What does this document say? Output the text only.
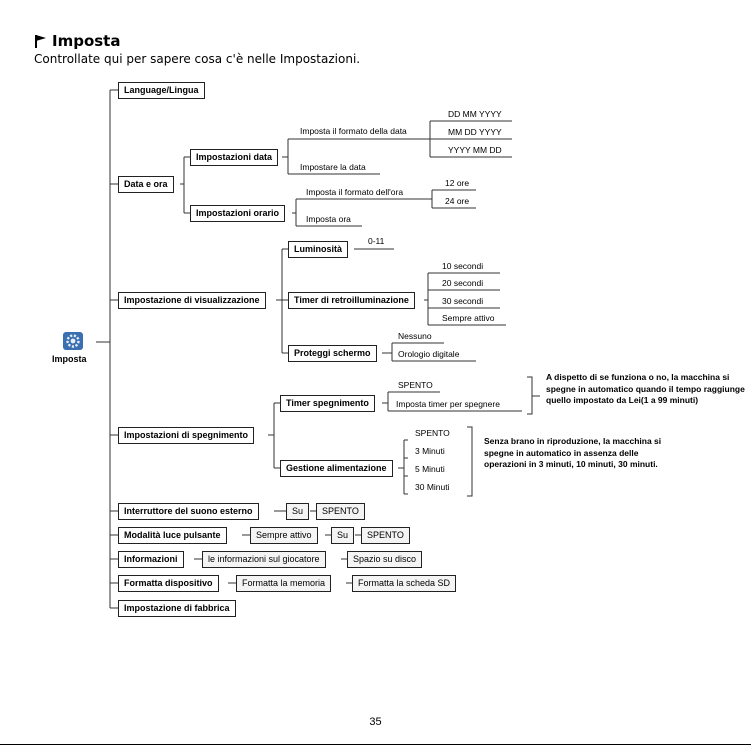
Imposta
Controllate qui per sapere cosa c'è nelle Impostazioni.
Imposta
Language/Lingua
Data e ora
Impostazione di visualizzazione
Impostazioni di spegnimento
Interruttore del suono esterno
Modalità luce pulsante
Informazioni
Formatta dispositivo
Impostazione di fabbrica
Impostazioni data
Impostazioni orario
Imposta il formato della data
DD MM YYYY
MM DD YYYY
YYYY MM DD
Impostare la data
Imposta il formato dell'ora
12 ore
24 ore
Imposta ora
Luminosità
0-11
Timer di retroilluminazione
10 secondi
20 secondi
30 secondi
Sempre attivo
Proteggi schermo
Nessuno
Orologio digitale
Timer spegnimento
SPENTO
Imposta timer per spegnere
A dispetto di se funziona o no, la macchina si spegne in automatico quando il tempo raggiunge quello impostato da Lei(1 a 99 minuti)
Gestione alimentazione
SPENTO
3 Minuti
5 Minuti
30 Minuti
Senza brano in riproduzione, la macchina si spegne in automatico in assenza delle operazioni in 3 minuti, 10 minuti, 30 minuti.
Su	SPENTO
Sempre attivo	Su	SPENTO
le informazioni sul giocatore	Spazio su disco
Formatta la memoria	Formatta la scheda SD
35
